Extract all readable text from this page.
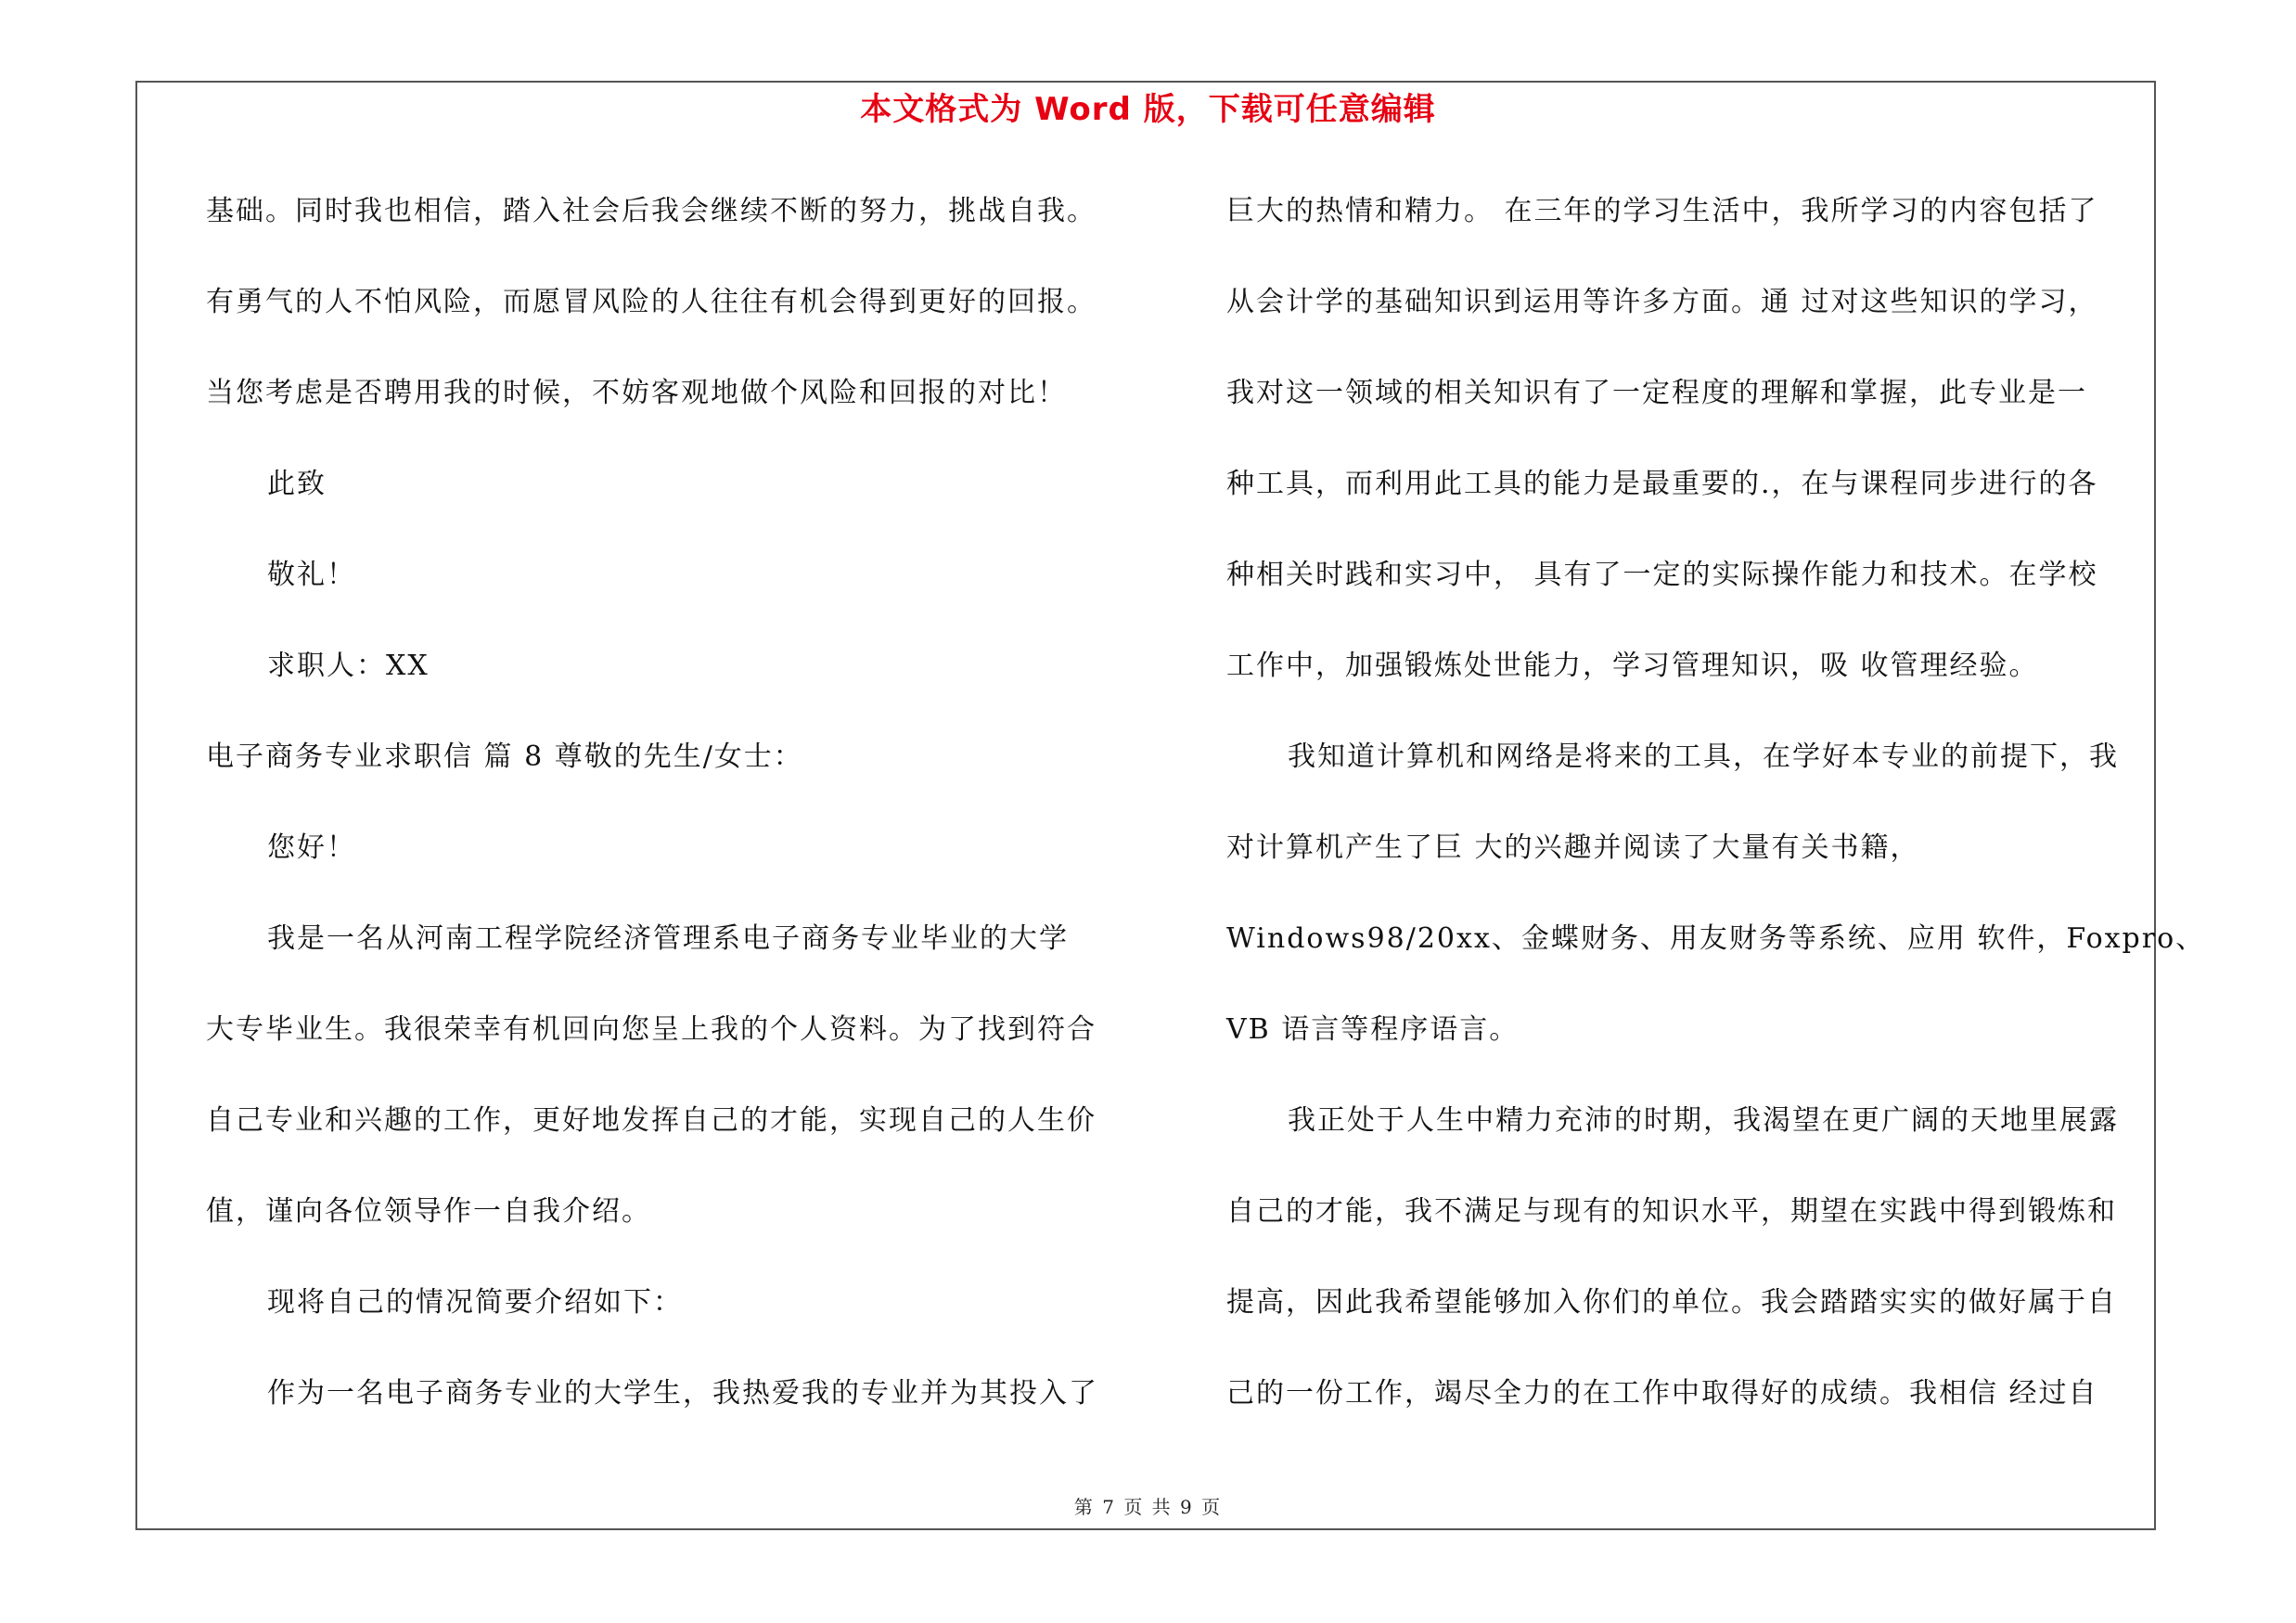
本文格式为 Word 版，下载可任意编辑
基础。同时我也相信，踏入社会后我会继续不断的努力，挑战自我。
有勇气的人不怕风险，而愿冒风险的人往往有机会得到更好的回报。
当您考虑是否聘用我的时候，不妨客观地做个风险和回报的对比！
此致
敬礼！
求职人：XX
电子商务专业求职信 篇 8 尊敬的先生/女士：
您好！
我是一名从河南工程学院经济管理系电子商务专业毕业的大学
大专毕业生。我很荣幸有机回向您呈上我的个人资料。为了找到符合
自己专业和兴趣的工作，更好地发挥自己的才能，实现自己的人生价
值，谨向各位领导作一自我介绍。
现将自己的情况简要介绍如下：
作为一名电子商务专业的大学生，我热爱我的专业并为其投入了
巨大的热情和精力。 在三年的学习生活中，我所学习的内容包括了
从会计学的基础知识到运用等许多方面。通 过对这些知识的学习，
我对这一领域的相关知识有了一定程度的理解和掌握，此专业是一
种工具，而利用此工具的能力是最重要的.，在与课程同步进行的各
种相关时践和实习中， 具有了一定的实际操作能力和技术。在学校
工作中，加强锻炼处世能力，学习管理知识，吸 收管理经验。
我知道计算机和网络是将来的工具，在学好本专业的前提下，我
对计算机产生了巨 大的兴趣并阅读了大量有关书籍，
Windows98/20xx、金蝶财务、用友财务等系统、应用 软件，Foxpro、
VB 语言等程序语言。
我正处于人生中精力充沛的时期，我渴望在更广阔的天地里展露
自己的才能，我不满足与现有的知识水平，期望在实践中得到锻炼和
提高，因此我希望能够加入你们的单位。我会踏踏实实的做好属于自
己的一份工作，竭尽全力的在工作中取得好的成绩。我相信 经过自
第 7 页 共 9 页
